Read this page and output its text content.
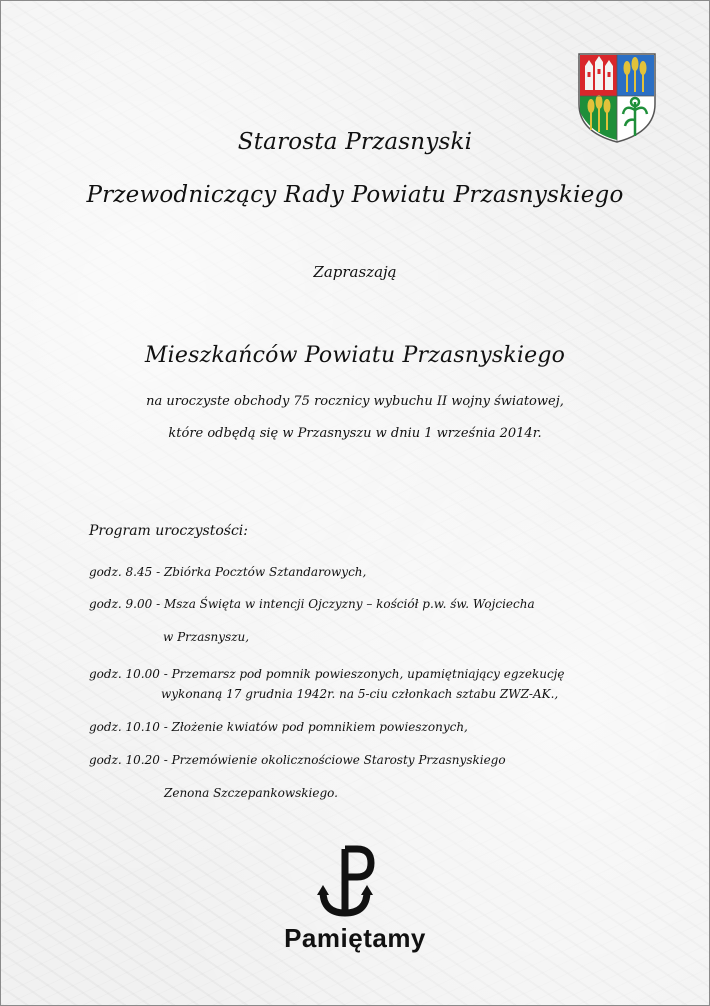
Starosta Przasnyski
Przewodniczący Rady Powiatu Przasnyskiego
Zapraszają
Mieszkańców Powiatu Przasnyskiego
na uroczyste obchody 75 rocznicy wybuchu II wojny światowej,
które odbędą się w Przasnyszu w dniu 1 września 2014r.
Program uroczystości:
godz. 8.45 - Zbiórka Pocztów Sztandarowych,
godz. 9.00 - Msza Święta w intencji Ojczyzny – kościół p.w. św. Wojciecha
w Przasnyszu,
godz. 10.00 - Przemarsz pod pomnik powieszonych, upamiętniający egzekucję
wykonaną 17 grudnia 1942r. na 5-ciu członkach sztabu ZWZ-AK.,
godz. 10.10 - Złożenie kwiatów pod pomnikiem powieszonych,
godz. 10.20 - Przemówienie okolicznościowe Starosty Przasnyskiego
Zenona Szczepankowskiego.
Pamiętamy
